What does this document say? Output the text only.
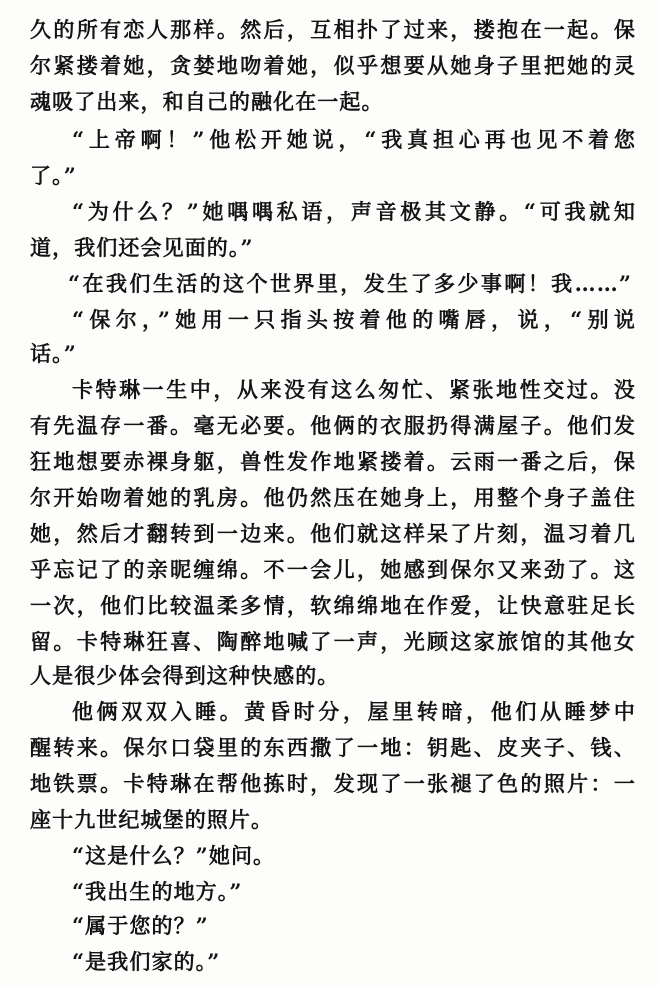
久的所有恋人那样。然后，互相扑了过来，搂抱在一起。保
尔紧搂着她，贪婪地吻着她，似乎想要从她身子里把她的灵
魂吸了出来，和自己的融化在一起。
“上帝啊！”他松开她说，“我真担心再也见不着您
了。”
“为什么？”她喁喁私语，声音极其文静。“可我就知
道，我们还会见面的。”
“在我们生活的这个世界里，发生了多少事啊！我……”
“保尔，”她用一只指头按着他的嘴唇，说，“别说
话。”
卡特琳一生中，从来没有这么匆忙、紧张地性交过。没
有先温存一番。毫无必要。他俩的衣服扔得满屋子。他们发
狂地想要赤裸身躯，兽性发作地紧搂着。云雨一番之后，保
尔开始吻着她的乳房。他仍然压在她身上，用整个身子盖住
她，然后才翻转到一边来。他们就这样呆了片刻，温习着几
乎忘记了的亲昵缠绵。不一会儿，她感到保尔又来劲了。这
一次，他们比较温柔多情，软绵绵地在作爱，让快意驻足长
留。卡特琳狂喜、陶醉地喊了一声，光顾这家旅馆的其他女
人是很少体会得到这种快感的。
他俩双双入睡。黄昏时分，屋里转暗，他们从睡梦中
醒转来。保尔口袋里的东西撒了一地：钥匙、皮夹子、钱、
地铁票。卡特琳在帮他拣时，发现了一张褪了色的照片：一
座十九世纪城堡的照片。
“这是什么？”她问。
“我出生的地方。”
“属于您的？”
“是我们家的。”
